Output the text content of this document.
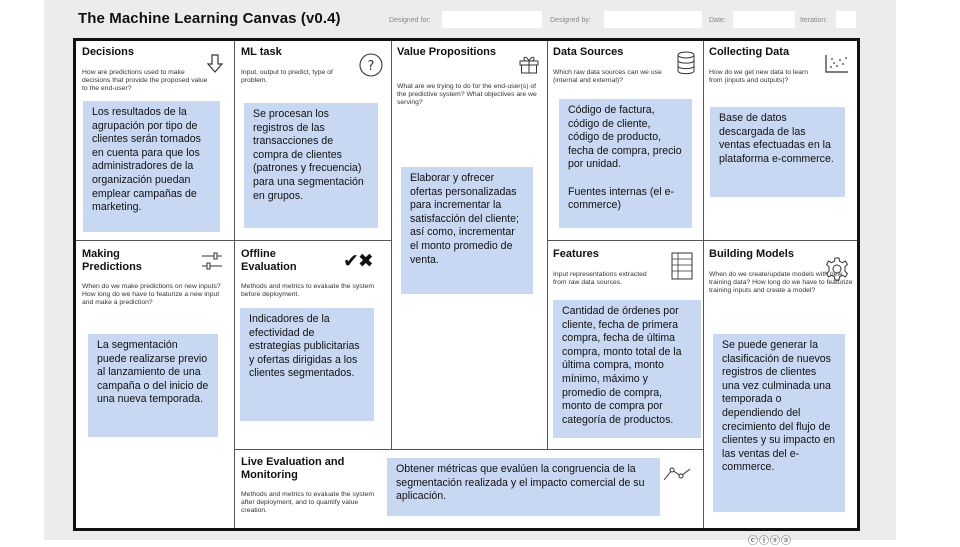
The Machine Learning Canvas (v0.4)	Designed for:	Designed by:	Date:	Iteration:
Decisions
How are predictions used to make decisions that provide the proposed value to the end-user?
Los resultados de la agrupación por tipo de clientes serán tomados en cuenta para que los administradores de la organización puedan emplear campañas de marketing.
ML task
Input, output to predict, type of problem.
?
Se procesan los registros de las transacciones de compra de clientes (patrones y frecuencia) para una segmentación en grupos.
Value Propositions
What are we trying to do for the end-user(s) of the predictive system? What objectives are we serving?
Elaborar y ofrecer ofertas personalizadas para incrementar la satisfacción del cliente; así como, incrementar el monto promedio de venta.
Data Sources
Which raw data sources can we use (internal and external)?
Código de factura, código de cliente, código de producto, fecha de compra, precio por unidad.

Fuentes internas (el e-commerce)
Collecting Data
How do we get new data to learn from (inputs and outputs)?
Base de datos descargada de las ventas efectuadas en la plataforma e-commerce.
Making Predictions
When do we make predictions on new inputs? How long do we have to featurize a new input and make a prediction?
La segmentación puede realizarse previo al lanzamiento de una campaña o del inicio de una nueva temporada.
Offline Evaluation
Methods and metrics to evaluate the system before deployment.
✔✖
Indicadores de la efectividad de estrategias publicitarias y ofertas dirigidas a los clientes segmentados.
Features
Input representations extracted from raw data sources.
Cantidad de órdenes por cliente, fecha de primera compra, fecha de última compra, monto total de la última compra, monto mínimo, máximo y promedio de compra, monto de compra por categoría de productos.
Building Models
When do we create/update models with new training data? How long do we have to featurize training inputs and create a model?
Se puede generar la clasificación de nuevos registros de clientes una vez culminada una temporada o dependiendo del crecimiento del flujo de clientes y su impacto en las ventas del e-commerce.
Live Evaluation and Monitoring
Methods and metrics to evaluate the system after deployment, and to quantify value creation.
Obtener métricas que evalúen la congruencia de la segmentación realizada y el impacto comercial de su aplicación.
ⓒⓘⓢⓐ
